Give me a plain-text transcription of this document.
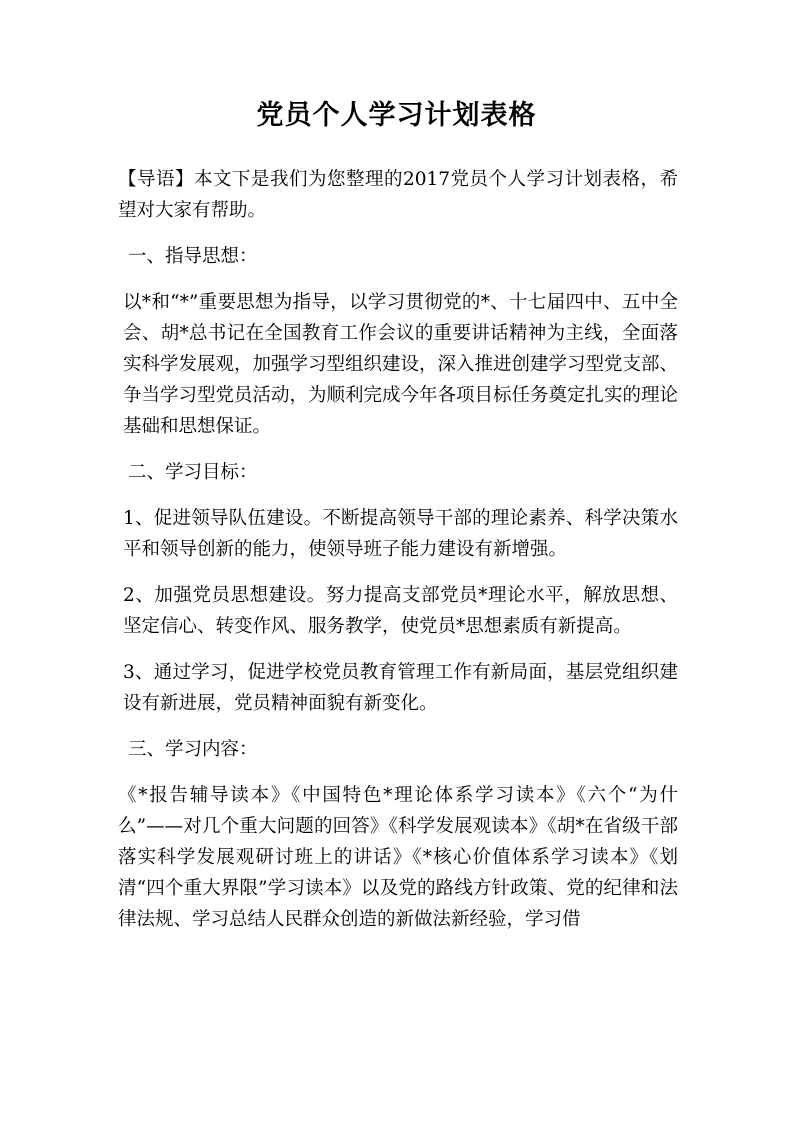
党员个人学习计划表格

【导语】本文下是我们为您整理的2017党员个人学习计划表格，希望对大家有帮助。

一、指导思想：

以*和“*”重要思想为指导，以学习贯彻党的*、十七届四中、五中全会、胡*总书记在全国教育工作会议的重要讲话精神为主线，全面落实科学发展观，加强学习型组织建设，深入推进创建学习型党支部、争当学习型党员活动，为顺利完成今年各项目标任务奠定扎实的理论基础和思想保证。

二、学习目标：

1、促进领导队伍建设。不断提高领导干部的理论素养、科学决策水平和领导创新的能力，使领导班子能力建设有新增强。

2、加强党员思想建设。努力提高支部党员*理论水平，解放思想、坚定信心、转变作风、服务教学，使党员*思想素质有新提高。

3、通过学习，促进学校党员教育管理工作有新局面，基层党组织建设有新进展，党员精神面貌有新变化。

三、学习内容：

《*报告辅导读本》《中国特色*理论体系学习读本》《六个“为什么”——对几个重大问题的回答》《科学发展观读本》《胡*在省级干部落实科学发展观研讨班上的讲话》《*核心价值体系学习读本》《划清“四个重大界限”学习读本》以及党的路线方针政策、党的纪律和法律法规、学习总结人民群众创造的新做法新经验，学习借
